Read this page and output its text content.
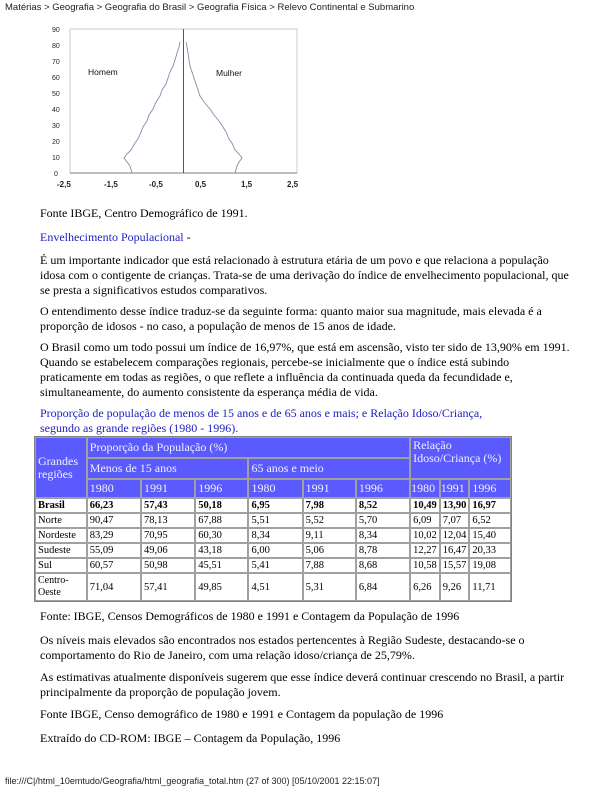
Matérias > Geografia > Geografia do Brasil > Geografia Física > Relevo Continental e Submarino
0
10
20
30
40
50
60
70
80
90
-2,5	-1,5	-0,5	0,5	1,5	2,5
Homem	Mulher
Fonte IBGE, Centro Demográfico de 1991.
Envelhecimento Populacional -
É um importante indicador que está relacionado à estrutura etária de um povo e que relaciona a população idosa com o contigente de crianças. Trata-se de uma derivação do índice de envelhecimento populacional, que se presta a significativos estudos comparativos.
O entendimento desse índice traduz-se da seguinte forma: quanto maior sua magnitude, mais elevada é a proporção de idosos - no caso, a população de menos de 15 anos de idade.
O Brasil como um todo possui um índice de 16,97%, que está em ascensão, visto ter sido de 13,90% em 1991. Quando se estabelecem comparações regionais, percebe-se inicialmente que o índice está subindo praticamente em todas as regiões, o que reflete a influência da continuada queda da fecundidade e, simultaneamente, do aumento consistente da esperança média de vida.
Proporção de população de menos de 15 anos e de 65 anos e mais; e Relação Idoso/Criança, segundo as grande regiões (1980 - 1996).
Grandes regiões	Proporção da População (%)						Relação Idoso/Criança (%)		
	Menos de 15 anos			65 anos e meio					
	1980	1991	1996	1980	1991	1996	1980	1991	1996
Brasil	66,23	57,43	50,18	6,95	7,98	8,52	10,49	13,90	16,97
Norte	90,47	78,13	67,88	5,51	5,52	5,70	6,09	7,07	6,52
Nordeste	83,29	70,95	60,30	8,34	9,11	8,34	10,02	12,04	15,40
Sudeste	55,09	49,06	43,18	6,00	5,06	8,78	12,27	16,47	20,33
Sul	60,57	50,98	45,51	5,41	7,88	8,68	10,58	15,57	19,08
Centro-Oeste	71,04	57,41	49,85	4,51	5,31	6,84	6,26	9,26	11,71
Fonte: IBGE, Censos Demográficos de 1980 e 1991 e Contagem da População de 1996
Os níveis mais elevados são encontrados nos estados pertencentes à Região Sudeste, destacando-se o comportamento do Rio de Janeiro, com uma relação idoso/criança de 25,79%.
As estimativas atualmente disponíveis sugerem que esse índice deverá continuar crescendo no Brasil, a partir principalmente da proporção de população jovem.
Fonte IBGE, Censo demográfico de 1980 e 1991 e Contagem da população de 1996
Extraído do CD-ROM: IBGE – Contagem da População, 1996
file:///C|/html_10emtudo/Geografia/html_geografia_total.htm (27 of 300) [05/10/2001 22:15:07]
